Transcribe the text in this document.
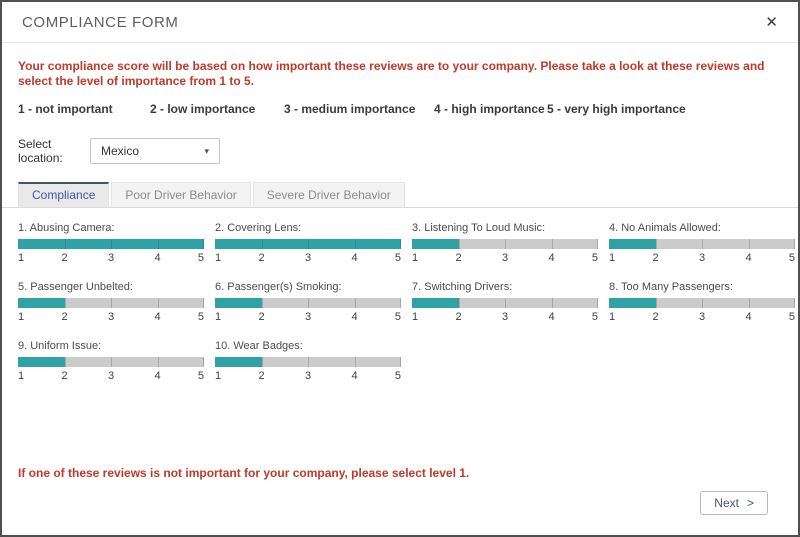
COMPLIANCE FORM	✕
Your compliance score will be based on how important these reviews are to your company. Please take a look at these reviews and select the level of importance from 1 to 5.
1 - not important	2 - low importance 3 - medium importance 4 - high importance 5 - very high importance
Select location:	Mexico	▾
Compliance	Poor Driver Behavior	Severe Driver Behavior
1. Abusing Camera:
1	2	3	4	5
2. Covering Lens:
1	2	3	4	5
3. Listening To Loud Music:
1	2	3	4	5
4. No Animals Allowed:
1	2	3	4	5
5. Passenger Unbelted:
1	2	3	4	5
6. Passenger(s) Smoking:
1	2	3	4	5
7. Switching Drivers:
1	2	3	4	5
8. Too Many Passengers:
1	2	3	4	5
9. Uniform Issue:
1	2	3	4	5
10. Wear Badges:
1	2	3	4	5
If one of these reviews is not important for your company, please select level 1.
Next >
